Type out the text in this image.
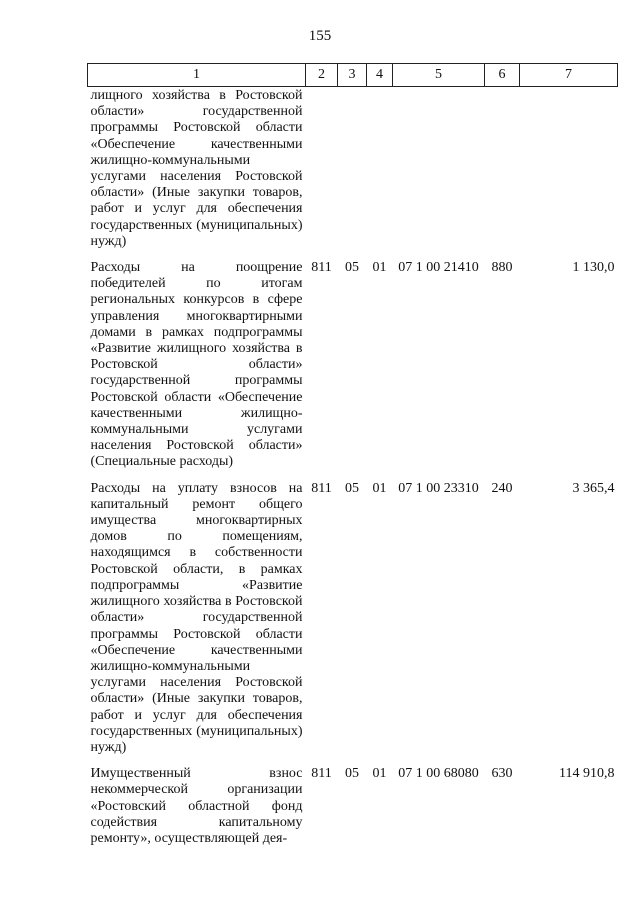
155
1	2	3	4	5	6	7
лищного хозяйства в Ростовской области» государственной программы Ростовской области «Обеспечение качественными жилищно-коммунальными услугами населения Ростовской области» (Иные закупки товаров, работ и услуг для обеспечения государственных (муниципальных) нужд)						
Расходы на поощрение победителей по итогам региональных конкурсов в сфере управления многоквартирными домами в рамках подпрограммы «Развитие жилищного хозяйства в Ростовской области» государственной программы Ростовской области «Обеспечение качественными жилищно-коммунальными услугами населения Ростовской области» (Специальные расходы)	811	05	01	07 1 00 21410	880	1 130,0
Расходы на уплату взносов на капитальный ремонт общего имущества многоквартирных домов по помещениям, находящимся в собственности Ростовской области, в рамках подпрограммы «Развитие жилищного хозяйства в Ростовской области» государственной программы Ростовской области «Обеспечение качественными жилищно-коммунальными услугами населения Ростовской области» (Иные закупки товаров, работ и услуг для обеспечения государственных (муниципальных) нужд)	811	05	01	07 1 00 23310	240	3 365,4
Имущественный взнос некоммерческой организации «Ростовский областной фонд содействия капитальному ремонту», осуществляющей дея-	811	05	01	07 1 00 68080	630	114 910,8
